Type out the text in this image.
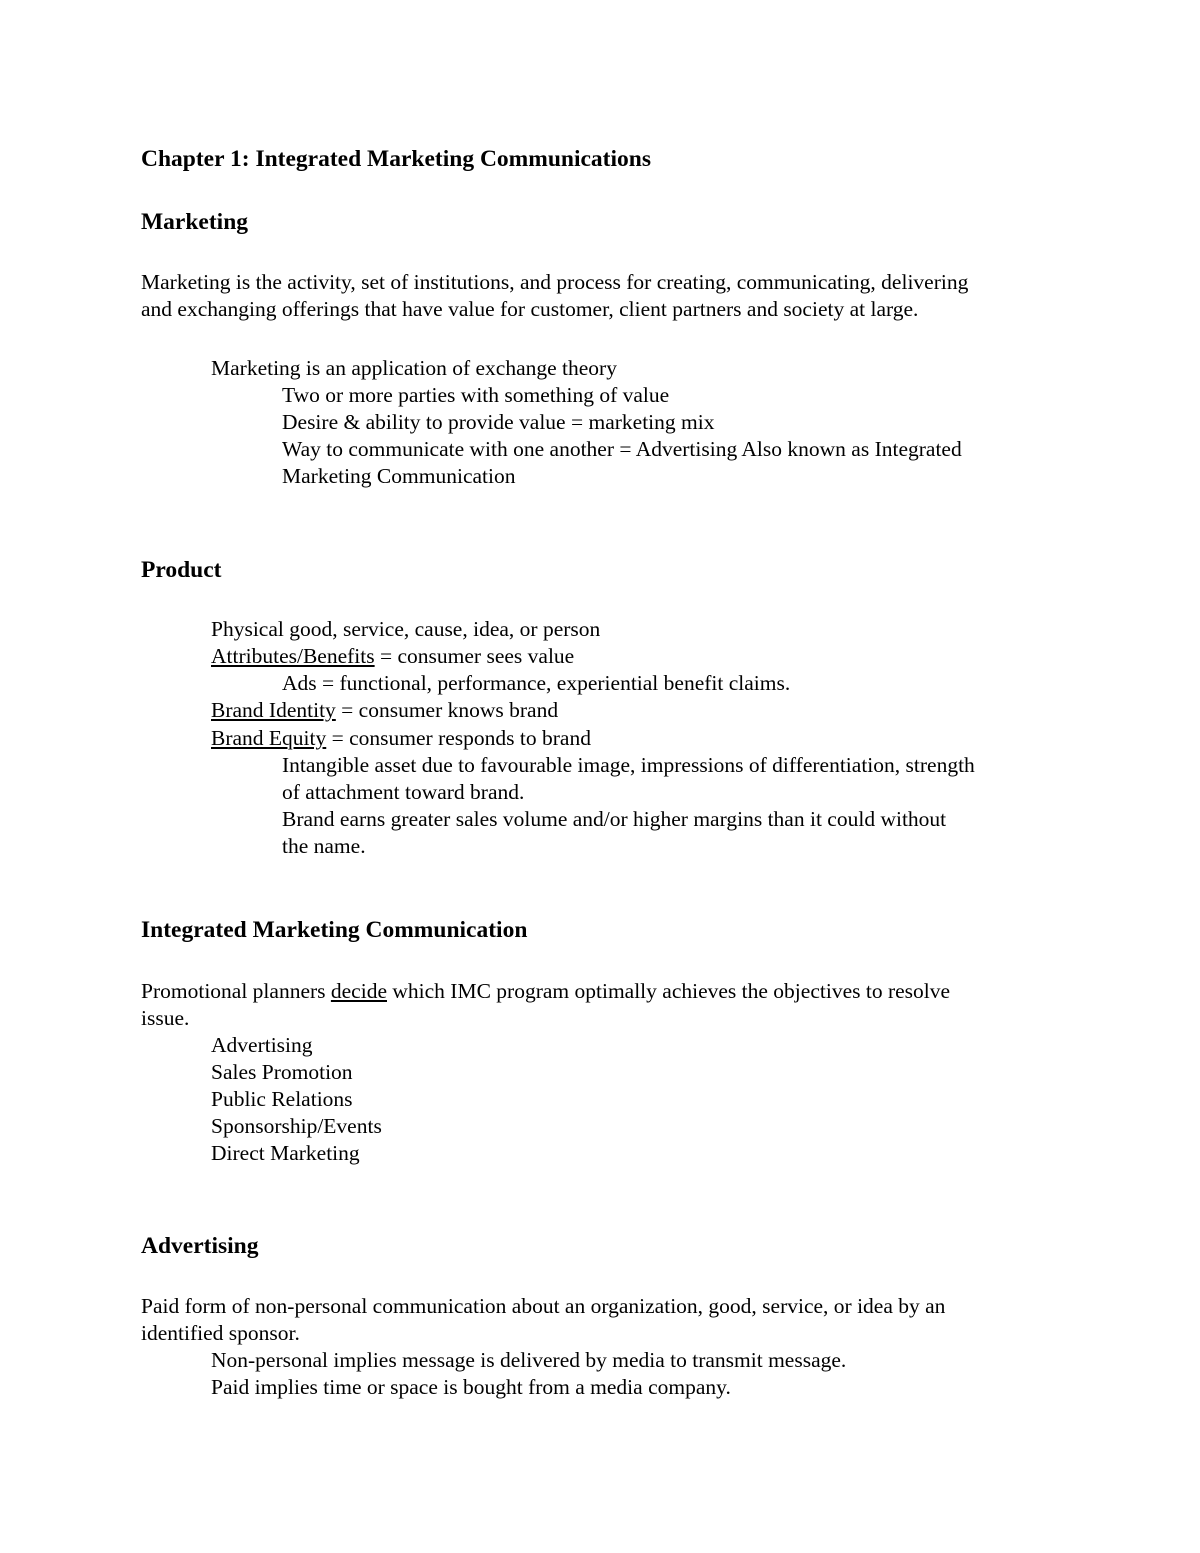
Chapter 1: Integrated Marketing Communications
Marketing
Marketing is the activity, set of institutions, and process for creating, communicating, delivering
and exchanging offerings that have value for customer, client partners and society at large.
Marketing is an application of exchange theory
Two or more parties with something of value
Desire & ability to provide value = marketing mix
Way to communicate with one another = Advertising Also known as Integrated
Marketing Communication
Product
Physical good, service, cause, idea, or person
Attributes/Benefits = consumer sees value
Ads = functional, performance, experiential benefit claims.
Brand Identity = consumer knows brand
Brand Equity = consumer responds to brand
Intangible asset due to favourable image, impressions of differentiation, strength
of attachment toward brand.
Brand earns greater sales volume and/or higher margins than it could without
the name.
Integrated Marketing Communication
Promotional planners decide which IMC program optimally achieves the objectives to resolve
issue.
Advertising
Sales Promotion
Public Relations
Sponsorship/Events
Direct Marketing
Advertising
Paid form of non-personal communication about an organization, good, service, or idea by an
identified sponsor.
Non-personal implies message is delivered by media to transmit message.
Paid implies time or space is bought from a media company.
